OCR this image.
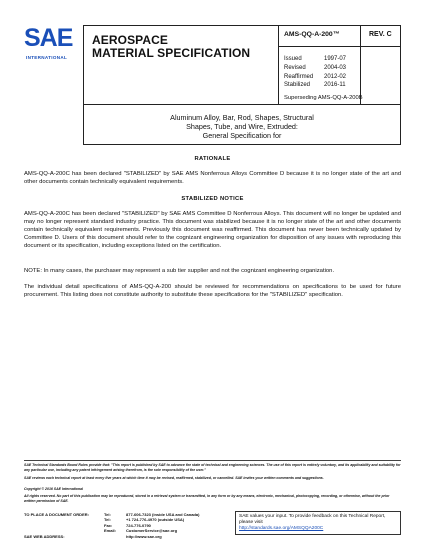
SAE
INTERNATIONAL
AEROSPACE
MATERIAL SPECIFICATION
AMS-QQ-A-200™	REV. C
Issued	1997-07
Revised	2004-03
Reaffirmed	2012-02
Stabilized	2016-11
Superseding AMS-QQ-A-200B
Aluminum Alloy, Bar, Rod, Shapes, Structural
Shapes, Tube, and Wire, Extruded:
General Specification for
RATIONALE
AMS-QQ-A-200C has been declared "STABILIZED" by SAE AMS Nonferrous Alloys Committee D because it is no longer state of the art and other documents contain technically equivalent requirements.
STABILIZED NOTICE
AMS-QQ-A-200C has been declared "STABILIZED" by SAE AMS Committee D Nonferrous Alloys. This document will no longer be updated and may no longer represent standard industry practice. This document was stabilized because it is no longer state of the art and other documents contain technically equivalent requirements. Previously this document was reaffirmed. This document has never been technically updated by Committee D. Users of this document should refer to the cognizant engineering organization for disposition of any issues with reproducing this document or its specification, including exceptions listed on the certification.
NOTE: In many cases, the purchaser may represent a sub tier supplier and not the cognizant engineering organization.
The individual detail specifications of AMS-QQ-A-200 should be reviewed for recommendations on specifications to be used for future procurement. This listing does not constitute authority to substitute these specifications for the "STABILIZED" specification.
SAE Technical Standards Board Rules provide that: "This report is published by SAE to advance the state of technical and engineering sciences. The use of this report is entirely voluntary, and its applicability and suitability for any particular use, including any patent infringement arising therefrom, is the sole responsibility of the user."
SAE reviews each technical report at least every five years at which time it may be revised, reaffirmed, stabilized, or cancelled. SAE invites your written comments and suggestions.
Copyright © 2016 SAE International
All rights reserved. No part of this publication may be reproduced, stored in a retrieval system or transmitted, in any form or by any means, electronic, mechanical, photocopying, recording, or otherwise, without the prior written permission of SAE.
TO PLACE A DOCUMENT ORDER:	Tel:	877-606-7323 (inside USA and Canada)
Tel:	+1 724-776-4970 (outside USA)
Fax:	724-776-0790
Email:	CustomerService@sae.org
SAE WEB ADDRESS:	http://www.sae.org
SAE values your input. To provide feedback on this Technical Report, please visit
http://standards.sae.org/AMSQQA200C
